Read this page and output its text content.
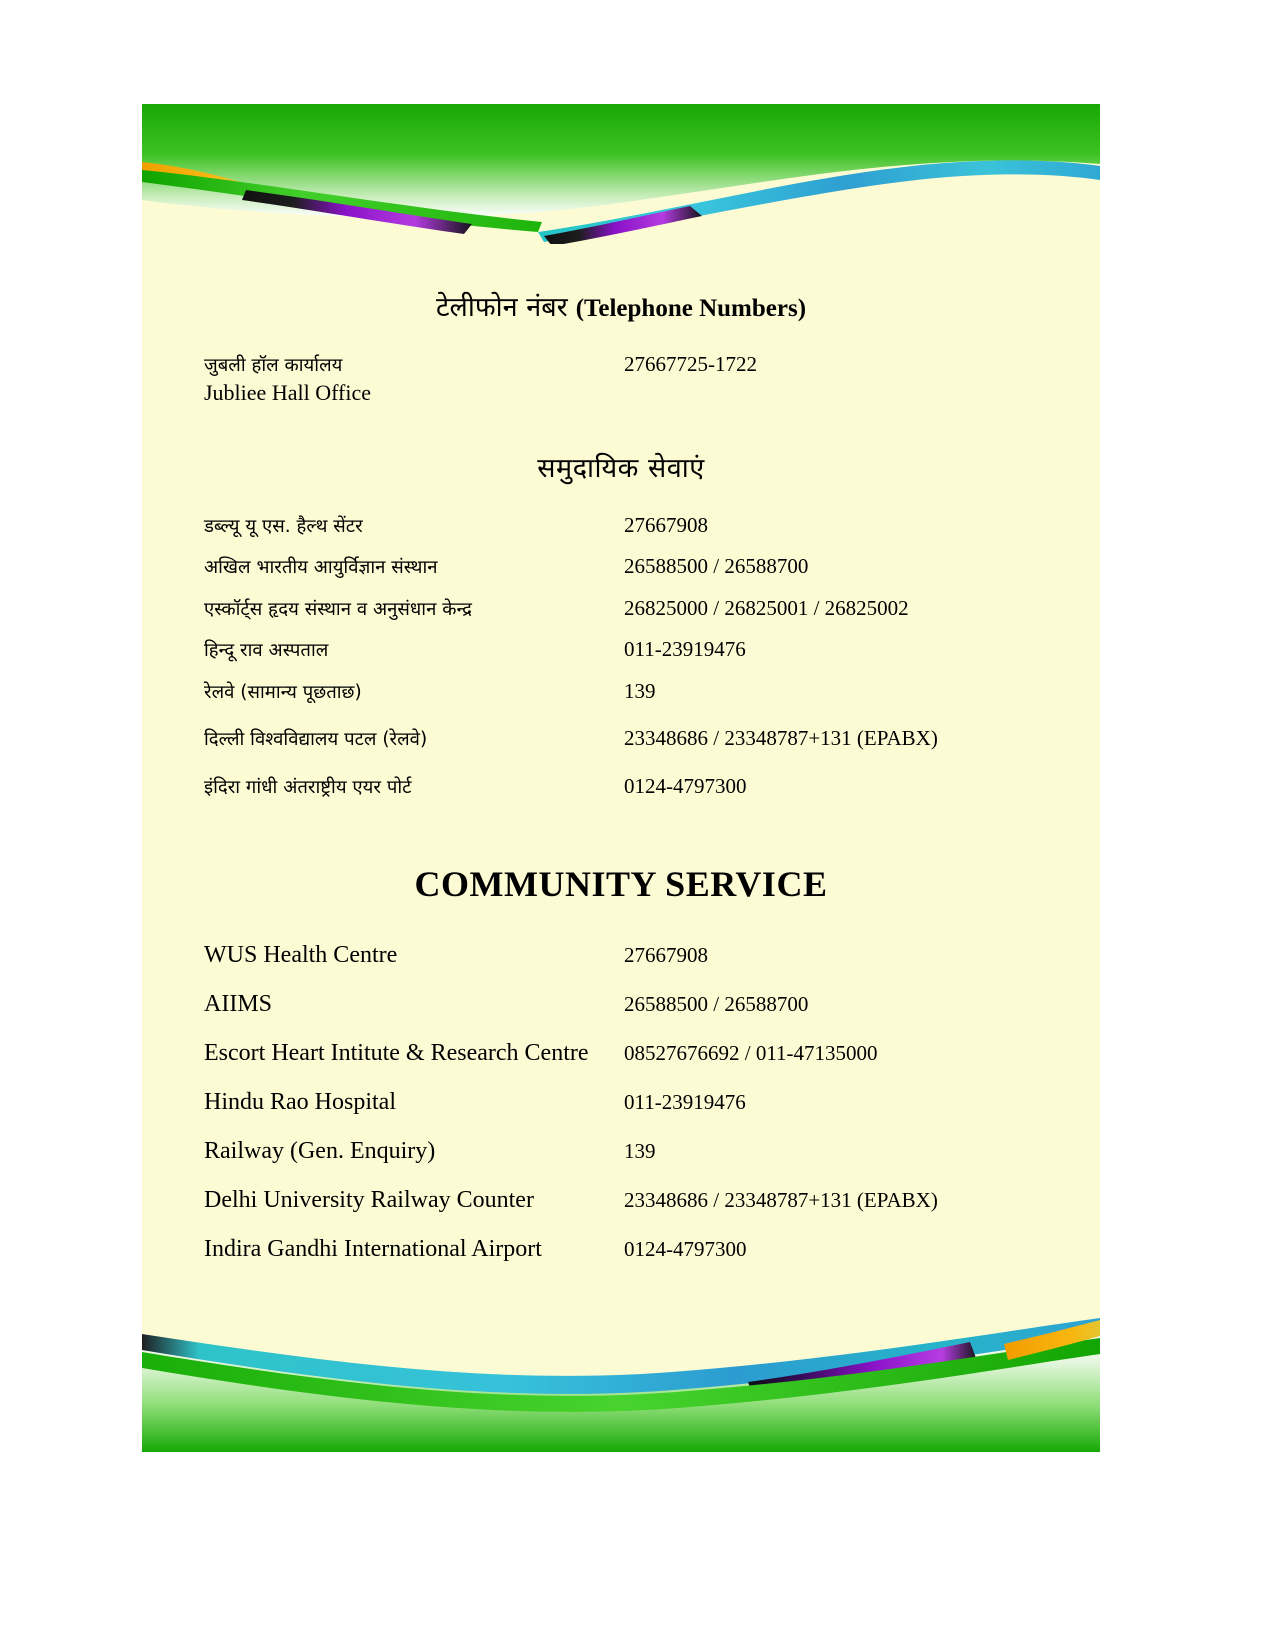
टेलीफोन नंबर (Telephone Numbers)
जुबली हॉल कार्यालय	27667725-1722
Jubliee Hall Office
समुदायिक सेवाएं
डब्ल्यू यू एस. हैल्थ सेंटर	27667908
अखिल भारतीय आयुर्विज्ञान संस्थान	26588500 / 26588700
एस्कॉर्ट्स हृदय संस्थान व अनुसंधान केन्द्र	26825000 / 26825001 / 26825002
हिन्दू राव अस्पताल	011-23919476
रेलवे (सामान्य पूछताछ)	139
दिल्ली विश्वविद्यालय पटल (रेलवे)	23348686 / 23348787+131 (EPABX)
इंदिरा गांधी अंतराष्ट्रीय एयर पोर्ट	0124-4797300
COMMUNITY SERVICE
WUS Health Centre	27667908
AIIMS	26588500 / 26588700
Escort Heart Intitute & Research Centre	08527676692 / 011-47135000
Hindu Rao Hospital	011-23919476
Railway (Gen. Enquiry)	139
Delhi University Railway Counter	23348686 / 23348787+131 (EPABX)
Indira Gandhi International Airport	0124-4797300
